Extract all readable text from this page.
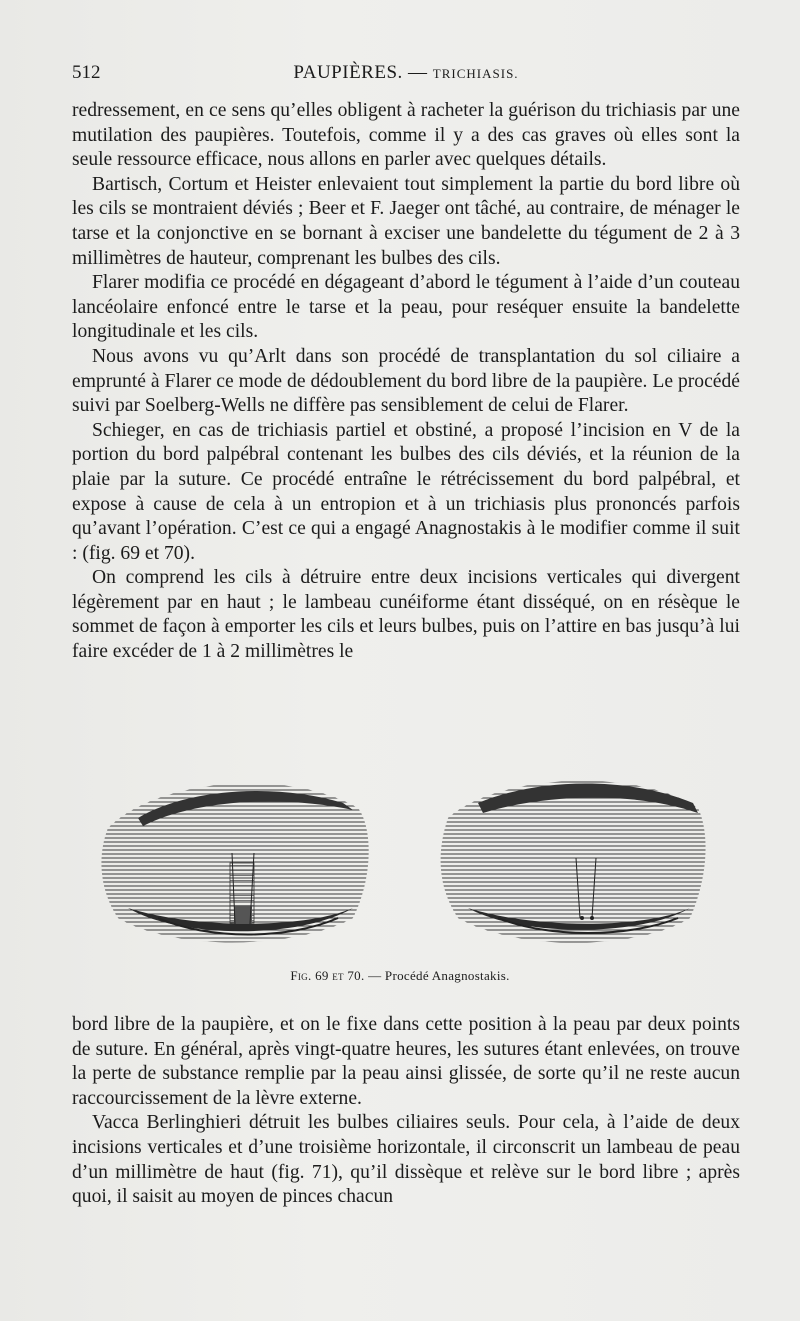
512	PAUPIÈRES. — TRICHIASIS.

redressement, en ce sens qu’elles obligent à racheter la guérison du trichiasis par une mutilation des paupières. Toutefois, comme il y a des cas graves où elles sont la seule ressource efficace, nous allons en parler avec quelques détails.

Bartisch, Cortum et Heister enlevaient tout simplement la partie du bord libre où les cils se montraient déviés ; Beer et F. Jaeger ont tâché, au contraire, de ménager le tarse et la conjonctive en se bornant à exciser une bandelette du tégument de 2 à 3 millimètres de hauteur, comprenant les bulbes des cils.

Flarer modifia ce procédé en dégageant d’abord le tégument à l’aide d’un couteau lancéolaire enfoncé entre le tarse et la peau, pour reséquer ensuite la bandelette longitudinale et les cils.

Nous avons vu qu’Arlt dans son procédé de transplantation du sol ciliaire a emprunté à Flarer ce mode de dédoublement du bord libre de la paupière. Le procédé suivi par Soelberg-Wells ne diffère pas sensiblement de celui de Flarer.

Schieger, en cas de trichiasis partiel et obstiné, a proposé l’incision en V de la portion du bord palpébral contenant les bulbes des cils déviés, et la réunion de la plaie par la suture. Ce procédé entraîne le rétrécissement du bord palpébral, et expose à cause de cela à un entropion et à un trichiasis plus prononcés parfois qu’avant l’opération. C’est ce qui a engagé Anagnostakis à le modifier comme il suit : (fig. 69 et 70).

On comprend les cils à détruire entre deux incisions verticales qui divergent légèrement par en haut ; le lambeau cunéiforme étant disséqué, on en résèque le sommet de façon à emporter les cils et leurs bulbes, puis on l’attire en bas jusqu’à lui faire excéder de 1 à 2 millimètres le

Fig. 69 et 70. — Procédé Anagnostakis.

bord libre de la paupière, et on le fixe dans cette position à la peau par deux points de suture. En général, après vingt-quatre heures, les sutures étant enlevées, on trouve la perte de substance remplie par la peau ainsi glissée, de sorte qu’il ne reste aucun raccourcissement de la lèvre externe.

Vacca Berlinghieri détruit les bulbes ciliaires seuls. Pour cela, à l’aide de deux incisions verticales et d’une troisième horizontale, il circonscrit un lambeau de peau d’un millimètre de haut (fig. 71), qu’il dissèque et relève sur le bord libre ; après quoi, il saisit au moyen de pinces chacun
